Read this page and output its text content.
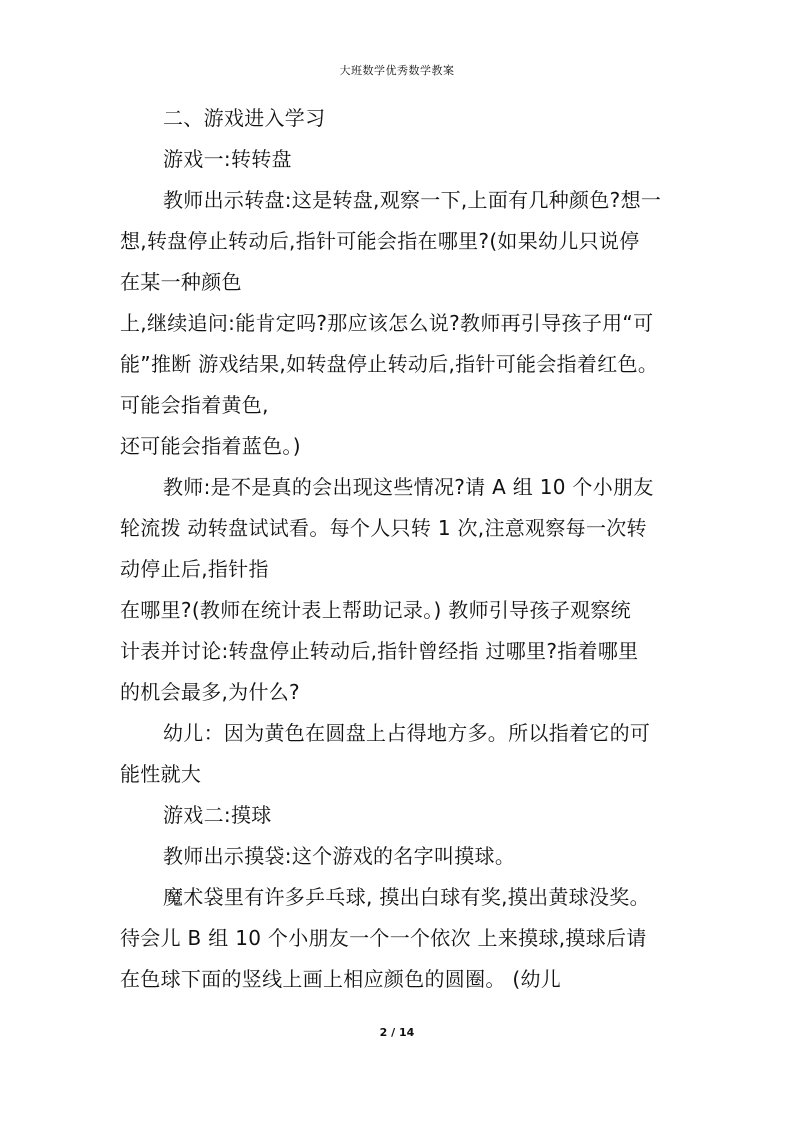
大班数学优秀数学教案
二、游戏进入学习
游戏一:转转盘
教师出示转盘:这是转盘,观察一下,上面有几种颜色?想一
想,转盘停止转动后,指针可能会指在哪里?(如果幼儿只说停
在某一种颜色
上,继续追问:能肯定吗?那应该怎么说?教师再引导孩子用“可
能”推断 游戏结果,如转盘停止转动后,指针可能会指着红色。
可能会指着黄色,
还可能会指着蓝色。)
教师:是不是真的会出现这些情况?请 A 组 10 个小朋友
轮流拨 动转盘试试看。每个人只转 1 次,注意观察每一次转
动停止后,指针指
在哪里?(教师在统计表上帮助记录。) 教师引导孩子观察统
计表并讨论:转盘停止转动后,指针曾经指 过哪里?指着哪里
的机会最多,为什么?
幼儿：因为黄色在圆盘上占得地方多。所以指着它的可
能性就大
游戏二:摸球
教师出示摸袋:这个游戏的名字叫摸球。
魔术袋里有许多乒乓球, 摸出白球有奖,摸出黄球没奖。
待会儿 B 组 10 个小朋友一个一个依次 上来摸球,摸球后请
在色球下面的竖线上画上相应颜色的圆圈。 (幼儿
2 / 14
